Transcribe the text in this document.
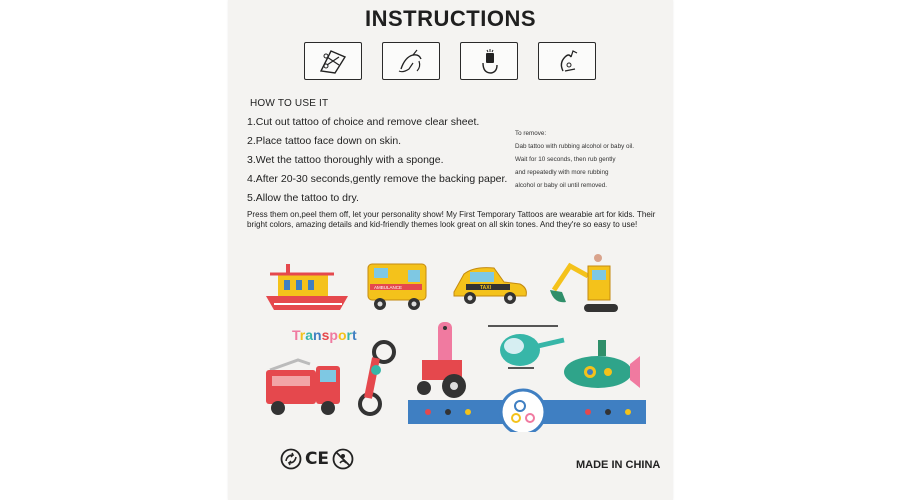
INSTRUCTIONS
HOW TO USE IT
1.Cut out tattoo of choice and remove clear sheet.
2.Place tattoo face down on skin.
3.Wet the tattoo thoroughly with a sponge.
4.After 20-30 seconds,gently remove the backing paper.
5.Allow the tattoo to dry.
To remove:
Dab tattoo with rubbing alcohol or baby oil.
Wait for 10 seconds, then rub gently
and repeatedly with more rubbing
alcohol or baby oil until removed.
Press them on,peel them off, let your personality show! My First Temporary Tattoos are wearabie art for kids. Their bright colors, amazing details and kid-friendly themes look great on all skin tones. And they're so easy to use!
AMBULANCE	TAXI
Transport
CE	MADE IN CHINA
